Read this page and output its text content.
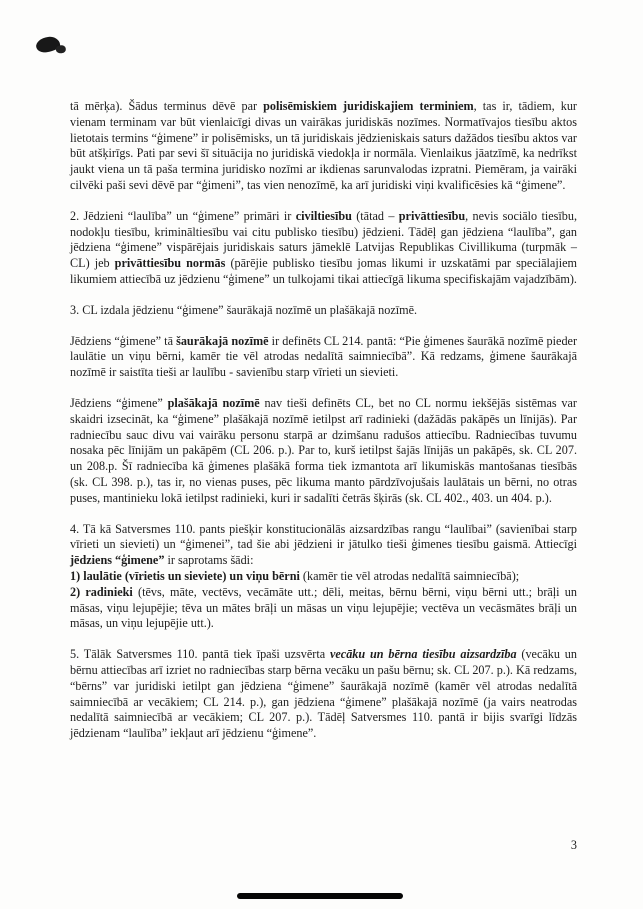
tā mērķa). Šādus terminus dēvē par polisēmiskiem juridiskajiem terminiem, tas ir, tādiem, kur vienam terminam var būt vienlaicīgi divas un vairākas juridiskās nozīmes. Normatīvajos tiesību aktos lietotais termins “ģimene” ir polisēmisks, un tā juridiskais jēdzieniskais saturs dažādos tiesību aktos var būt atšķirīgs. Pati par sevi šī situācija no juridiskā viedokļa ir normāla. Vienlaikus jāatzīmē, ka nedrīkst jaukt viena un tā paša termina juridisko nozīmi ar ikdienas sarunvalodas izpratni. Piemēram, ja vairāki cilvēki paši sevi dēvē par “ģimeni”, tas vien nenozīmē, ka arī juridiski viņi kvalificēsies kā “ģimene”.

2. Jēdzieni “laulība” un “ģimene” primāri ir civiltiesību (tātad – privāttiesību, nevis sociālo tiesību, nodokļu tiesību, krimināltiesību vai citu publisko tiesību) jēdzieni. Tādēļ gan jēdziena “laulība”, gan jēdziena “ģimene” vispārējais juridiskais saturs jāmeklē Latvijas Republikas Civillikuma (turpmāk – CL) jeb privāttiesību normās (pārējie publisko tiesību jomas likumi ir uzskatāmi par speciālajiem likumiem attiecībā uz jēdzienu “ģimene” un tulkojami tikai attiecīgā likuma specifiskajām vajadzībām).

3. CL izdala jēdzienu “ģimene” šaurākajā nozīmē un plašākajā nozīmē.

Jēdziens “ģimene” tā šaurākajā nozīmē ir definēts CL 214. pantā: “Pie ģimenes šaurākā nozīmē pieder laulātie un viņu bērni, kamēr tie vēl atrodas nedalītā saimniecībā”. Kā redzams, ģimene šaurākajā nozīmē ir saistīta tieši ar laulību - savienību starp vīrieti un sievieti.

Jēdziens “ģimene” plašākajā nozīmē nav tieši definēts CL, bet no CL normu iekšējās sistēmas var skaidri izsecināt, ka “ģimene” plašākajā nozīmē ietilpst arī radinieki (dažādās pakāpēs un līnijās). Par radniecību sauc divu vai vairāku personu starpā ar dzimšanu radušos attiecību. Radniecības tuvumu nosaka pēc līnijām un pakāpēm (CL 206. p.). Par to, kurš ietilpst šajās līnijās un pakāpēs, sk. CL 207. un 208.p. Šī radniecība kā ģimenes plašākā forma tiek izmantota arī likumiskās mantošanas tiesībās (sk. CL 398. p.), tas ir, no vienas puses, pēc likuma manto pārdzīvojušais laulātais un bērni, no otras puses, mantinieku lokā ietilpst radinieki, kuri ir sadalīti četrās šķirās (sk. CL 402., 403. un 404. p.).

4. Tā kā Satversmes 110. pants piešķir konstitucionālās aizsardzības rangu “laulībai” (savienībai starp vīrieti un sievieti) un “ģimenei”, tad šie abi jēdzieni ir jātulko tieši ģimenes tiesību gaismā. Attiecīgi jēdziens “ģimene” ir saprotams šādi:

1) laulātie (vīrietis un sieviete) un viņu bērni (kamēr tie vēl atrodas nedalītā saimniecībā);

2) radinieki (tēvs, māte, vectēvs, vecāmāte utt.; dēli, meitas, bērnu bērni, viņu bērni utt.; brāļi un māsas, viņu lejupējie; tēva un mātes brāļi un māsas un viņu lejupējie; vectēva un vecāsmātes brāļi un māsas, un viņu lejupējie utt.).

5. Tālāk Satversmes 110. pantā tiek īpaši uzsvērta vecāku un bērna tiesību aizsardzība (vecāku un bērnu attiecības arī izriet no radniecības starp bērna vecāku un pašu bērnu; sk. CL 207. p.). Kā redzams, “bērns” var juridiski ietilpt gan jēdziena “ģimene” šaurākajā nozīmē (kamēr vēl atrodas nedalītā saimniecībā ar vecākiem; CL 214. p.), gan jēdziena “ģimene” plašākajā nozīmē (ja vairs neatrodas nedalītā saimniecībā ar vecākiem; CL 207. p.). Tādēļ Satversmes 110. pantā ir bijis svarīgi līdzās jēdzienam “laulība” iekļaut arī jēdzienu “ģimene”.

3
